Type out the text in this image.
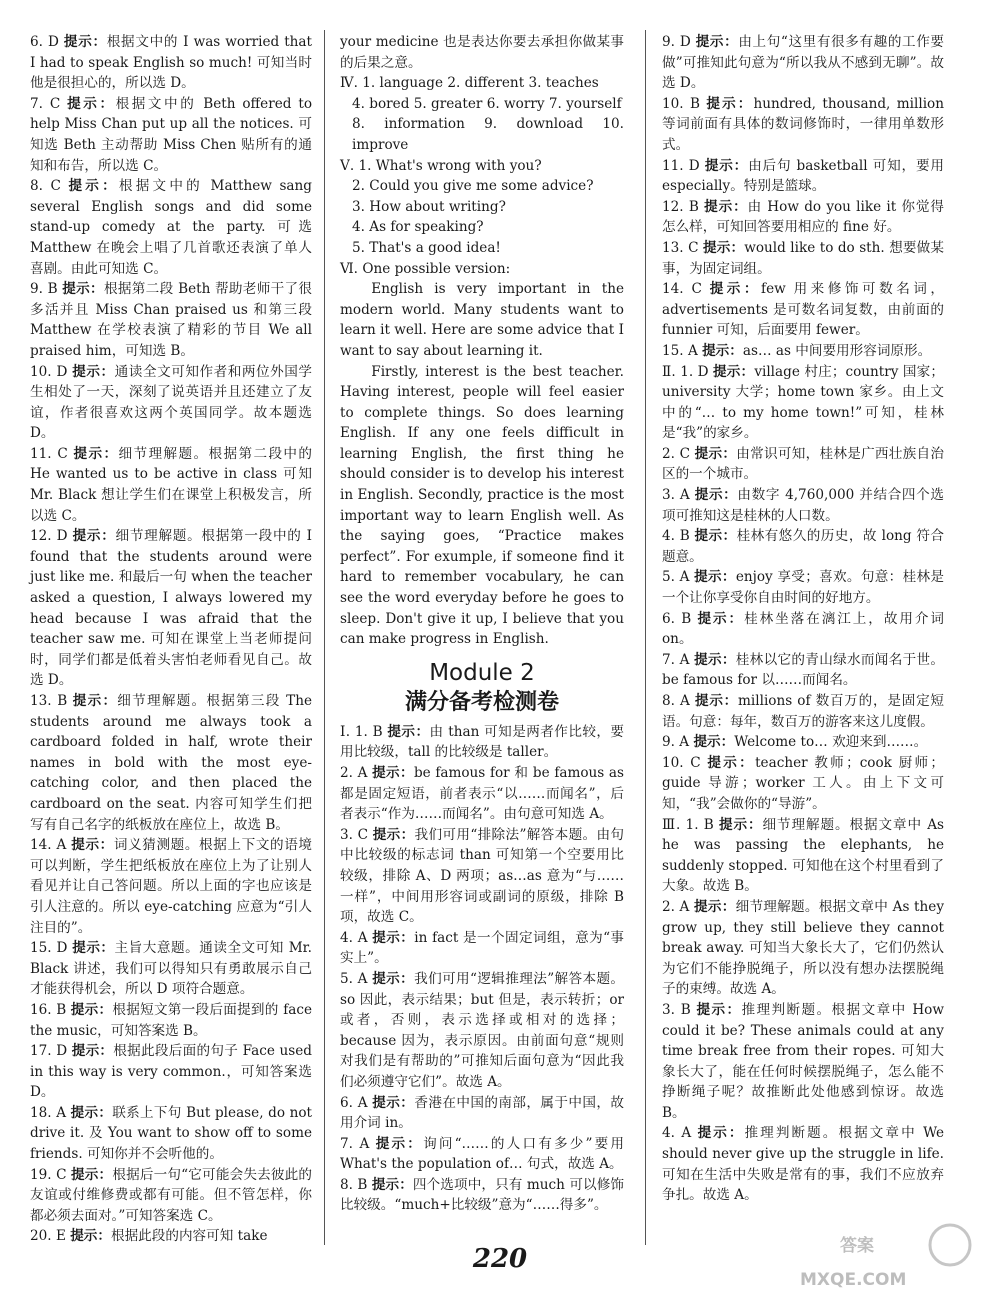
6. D 提示：根据文中的 I was worried that I had to speak English so much! 可知当时他是很担心的，所以选 D。

7. C 提示：根据文中的 Beth offered to help Miss Chan put up all the notices. 可知选 Beth 主动帮助 Miss Chen 贴所有的通知和布告，所以选 C。

8. C 提示：根据文中的 Matthew sang several English songs and did some stand-up comedy at the party. 可选 Matthew 在晚会上唱了几首歌还表演了单人喜剧。由此可知选 C。

9. B 提示：根据第二段 Beth 帮助老师干了很多活并且 Miss Chan praised us 和第三段 Matthew 在学校表演了精彩的节目 We all praised him，可知选 B。

10. D 提示：通读全文可知作者和两位外国学生相处了一天，深刻了说英语并且还建立了友谊，作者很喜欢这两个英国同学。故本题选 D。

11. C 提示：细节理解题。根据第二段中的 He wanted us to be active in class 可知 Mr. Black 想让学生们在课堂上积极发言，所以选 C。

12. D 提示：细节理解题。根据第一段中的 I found that the students around were just like me. 和最后一句 when the teacher asked a question, I always lowered my head because I was afraid that the teacher saw me. 可知在课堂上当老师提问时，同学们都是低着头害怕老师看见自己。故选 D。

13. B 提示：细节理解题。根据第三段 The students around me always took a cardboard folded in half, wrote their names in bold with the most eye-catching color, and then placed the cardboard on the seat. 内容可知学生们把写有自己名字的纸板放在座位上，故选 B。

14. A 提示：词义猜测题。根据上下文的语境可以判断，学生把纸板放在座位上为了让别人看见并让自己答问题。所以上面的字也应该是引人注意的。所以 eye-catching 应意为“引人注目的”。

15. D 提示：主旨大意题。通读全文可知 Mr. Black 讲述，我们可以得知只有勇敢展示自己才能获得机会，所以 D 项符合题意。

16. B 提示：根据短文第一段后面提到的 face the music，可知答案选 B。

17. D 提示：根据此段后面的句子 Face used in this way is very common.，可知答案选 D。

18. A 提示：联系上下句 But please, do not drive it. 及 You want to show off to some friends. 可知你并不会听他的。

19. C 提示：根据后一句“它可能会失去彼此的友谊或付维修费或都有可能。但不管怎样，你都必须去面对。”可知答案选 C。

20. E 提示：根据此段的内容可知 take

your medicine 也是表达你要去承担你做某事的后果之意。

Ⅳ. 1. language 2. different 3. teaches

4. bored 5. greater 6. worry 7. yourself

8. information 9. download 10. improve

Ⅴ. 1. What's wrong with you?

2. Could you give me some advice?

3. How about writing?

4. As for speaking?

5. That's a good idea!

Ⅵ. One possible version:

English is very important in the modern world. Many students want to learn it well. Here are some advice that I want to say about learning it.

Firstly, interest is the best teacher. Having interest, people will feel easier to complete things. So does learning English. If any one feels difficult in learning English, the first thing he should consider is to develop his interest in English. Secondly, practice is the most important way to learn English well. As the saying goes, “Practice makes perfect”. For exumple, if someone find it hard to remember vocabulary, he can see the word everyday before he goes to sleep. Don't give it up, I believe that you can make progress in English.

Module 2
满分备考检测卷

Ⅰ. 1. B 提示：由 than 可知是两者作比较，要用比较级，tall 的比较级是 taller。

2. A 提示：be famous for 和 be famous as 都是固定短语，前者表示“以……而闻名”，后者表示“作为……而闻名”。由句意可知选 A。

3. C 提示：我们可用“排除法”解答本题。由句中比较级的标志词 than 可知第一个空要用比较级，排除 A、D 两项；as…as 意为“与……一样”，中间用形容词或副词的原级，排除 B 项，故选 C。

4. A 提示：in fact 是一个固定词组，意为“事实上”。

5. A 提示：我们可用“逻辑推理法”解答本题。so 因此，表示结果；but 但是，表示转折；or 或者，否则，表示选择或相对的选择；because 因为，表示原因。由前面句意“规则对我们是有帮助的”可推知后面句意为“因此我们必须遵守它们”。故选 A。

6. A 提示：香港在中国的南部，属于中国，故用介词 in。

7. A 提示：询问“……的人口有多少”要用 What's the population of… 句式，故选 A。

8. B 提示：四个选项中，只有 much 可以修饰比较级。“much+比较级”意为“……得多”。

9. D 提示：由上句“这里有很多有趣的工作要做”可推知此句意为“所以我从不感到无聊”。故选 D。

10. B 提示：hundred, thousand, million 等词前面有具体的数词修饰时，一律用单数形式。

11. D 提示：由后句 basketball 可知，要用 especially。特别是篮球。

12. B 提示：由 How do you like it 你觉得怎么样，可知回答要用相应的 fine 好。

13. C 提示：would like to do sth. 想要做某事，为固定词组。

14. C 提示：few 用来修饰可数名词，advertisements 是可数名词复数，由前面的 funnier 可知，后面要用 fewer。

15. A 提示：as… as 中间要用形容词原形。

Ⅱ. 1. D 提示：village 村庄；country 国家；university 大学；home town 家乡。由上文中的“… to my home town!”可知，桂林是“我”的家乡。

2. C 提示：由常识可知，桂林是广西壮族自治区的一个城市。

3. A 提示：由数字 4,760,000 并结合四个选项可推知这是桂林的人口数。

4. B 提示：桂林有悠久的历史，故 long 符合题意。

5. A 提示：enjoy 享受；喜欢。句意：桂林是一个让你享受你自由时间的好地方。

6. B 提示：桂林坐落在漓江上，故用介词 on。

7. A 提示：桂林以它的青山绿水而闻名于世。be famous for 以……而闻名。

8. A 提示：millions of 数百万的，是固定短语。句意：每年，数百万的游客来这儿度假。

9. A 提示：Welcome to… 欢迎来到……。

10. C 提示：teacher 教师；cook 厨师；guide 导游；worker 工人。由上下文可知，“我”会做你的“导游”。

Ⅲ. 1. B 提示：细节理解题。根据文章中 As he was passing the elephants, he suddenly stopped. 可知他在这个村里看到了大象。故选 B。

2. A 提示：细节理解题。根据文章中 As they grow up, they still believe they cannot break away. 可知当大象长大了，它们仍然认为它们不能挣脱绳子，所以没有想办法摆脱绳子的束缚。故选 A。

3. B 提示：推理判断题。根据文章中 How could it be? These animals could at any time break free from their ropes. 可知大象长大了，能在任何时候摆脱绳子，怎么能不挣断绳子呢？故推断此处他感到惊讶。故选 B。

4. A 提示：推理判断题。根据文章中 We should never give up the struggle in life. 可知在生活中失败是常有的事，我们不应放弃争扎。故选 A。

220	答案
MXQE.COM
